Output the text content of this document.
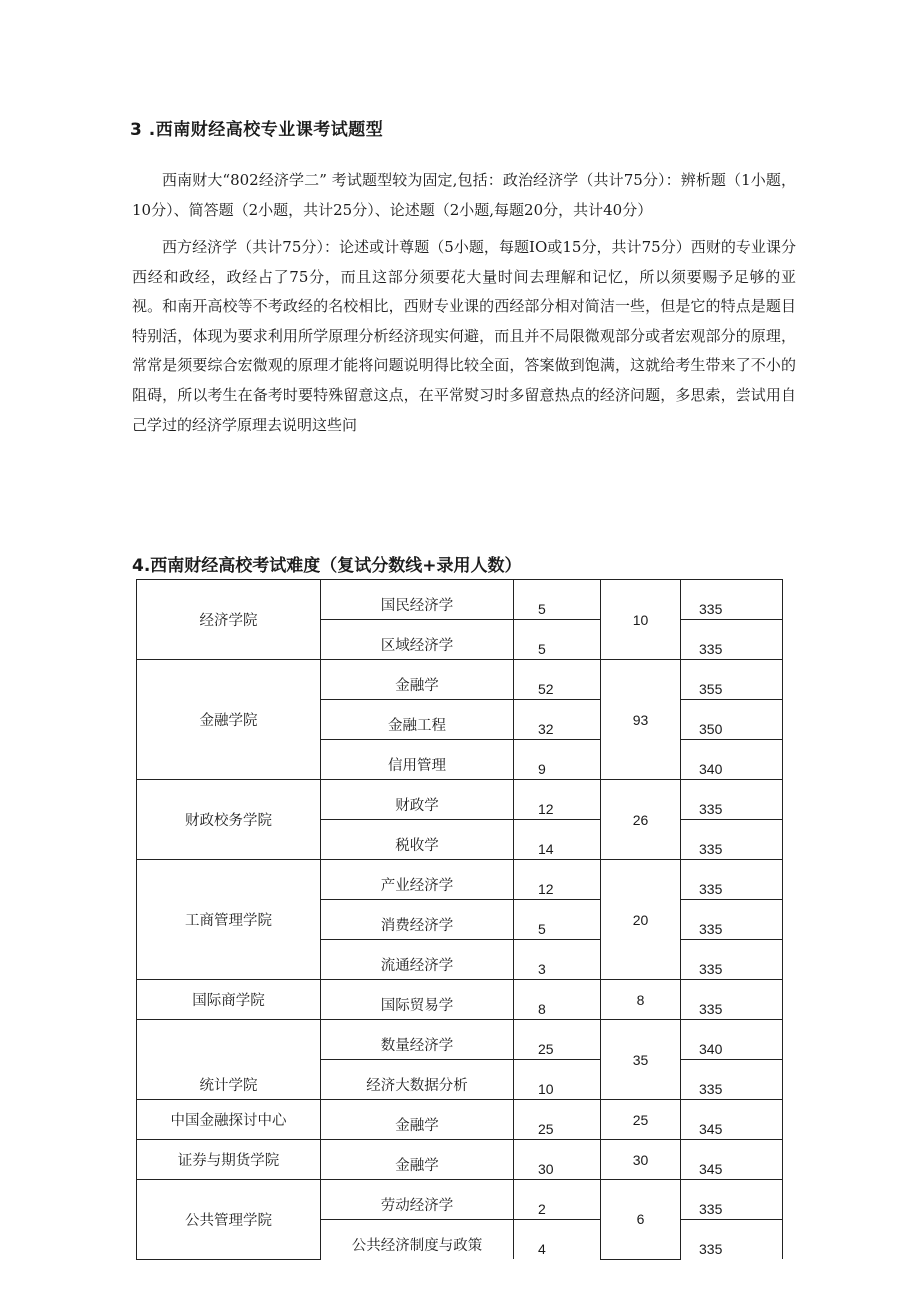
3 .西南财经高校专业课考试题型

西南财大“802经济学二” 考试题型较为固定,包括：政治经济学（共计75分）：辨析题（1小题，10分）、简答题（2小题，共计25分）、论述题（2小题,每题20分，共计40分）

西方经济学（共计75分）：论述或计尊题（5小题，每题IO或15分，共计75分）西财的专业课分西经和政经，政经占了75分，而且这部分须要花大量时间去理解和记忆，所以须要赐予足够的亚视。和南开高校等不考政经的名校相比，西财专业课的西经部分相对简洁一些，但是它的特点是题目特别活，体现为要求利用所学原理分析经济现实何避，而且并不局限微观部分或者宏观部分的原理，常常是须要综合宏微观的原理才能将问题说明得比较全面，答案做到饱满，这就给考生带来了不小的阻碍，所以考生在备考时要特殊留意这点，在平常熨习时多留意热点的经济问题，多思索，尝试用自己学过的经济学原理去说明这些问

4.西南财经高校考试难度（复试分数线+录用人数）
经济学院	国民经济学	5	10	335
	区域经济学	5		335
金融学院	金融学	52	93	355
	金融工程	32		350
	信用管理	9		340
财政校务学院	财政学	12	26	335
	税收学	14		335
工商管理学院	产业经济学	12	20	335
	消费经济学	5		335
	流通经济学	3		335
国际商学院	国际贸易学	8	8	335
统计学院	数量经济学	25	35	340
	经济大数据分析	10		335
中国金融探讨中心	金融学	25	25	345
证券与期货学院	金融学	30	30	345
公共管理学院	劳动经济学	2	6	335
	公共经济制度与政策	4		335
